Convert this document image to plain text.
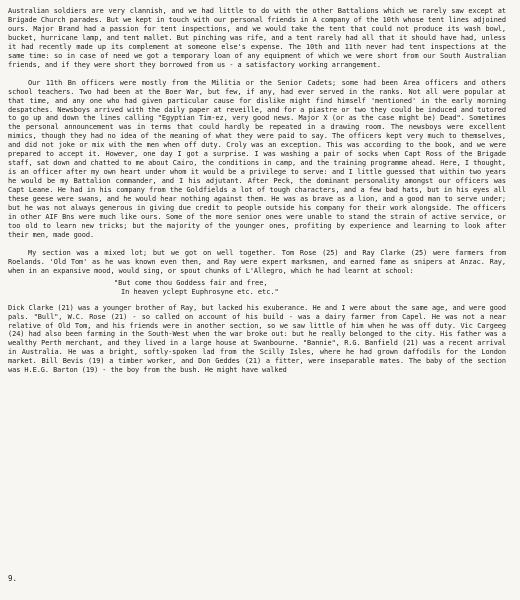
Australian soldiers are very clannish, and we had little to do with the other Battalions which we rarely saw except at Brigade Church parades. But we kept in touch with our personal friends in A company of the 10th whose tent lines adjoined ours. Major Brand had a passion for tent inspections, and we would take the tent that could not produce its wash bowl, bucket, hurricane lamp, and tent mallet. But pinching was rife, and a tent rarely had all that it should have had, unless it had recently made up its complement at someone else's expense. The 10th and 11th never had tent inspections at the same time: so in case of need we got a temporary loan of any equipment of which we were short from our South Australian friends, and if they were short they borrowed from us - a satisfactory working arrangement.

Our 11th Bn officers were mostly from the Militia or the Senior Cadets; some had been Area officers and others school teachers. Two had been at the Boer War, but few, if any, had ever served in the ranks. Not all were popular at that time, and any one who had given particular cause for dislike might find himself 'mentioned' in the early morning despatches. Newsboys arrived with the daily paper at reveille, and for a piastre or two they could be induced and tutored to go up and down the lines calling "Egyptian Tim-ez, very good news. Major X (or as the case might be) Dead". Sometimes the personal announcement was in terms that could hardly be repeated in a drawing room. The newsboys were excellent mimics, though they had no idea of the meaning of what they were paid to say. The officers kept very much to themselves, and did not joke or mix with the men when off duty. Croly was an exception. This was according to the book, and we were prepared to accept it. However, one day I got a surprise. I was washing a pair of socks when Capt Ross of the Brigade staff, sat down and chatted to me about Cairo, the conditions in camp, and the training programme ahead. Here, I thought, is an officer after my own heart under whom it would be a privilege to serve: and I little guessed that within two years he would be my Battalion commander, and I his adjutant. After Peck, the dominant personality amongst our officers was Capt Leane. He had in his company from the Goldfields a lot of tough characters, and a few bad hats, but in his eyes all these geese were swans, and he would hear nothing against them. He was as brave as a lion, and a good man to serve under; but he was not always generous in giving due credit to people outside his company for their work alongside. The officers in other AIF Bns were much like ours. Some of the more senior ones were unable to stand the strain of active service, or too old to learn new tricks; but the majority of the younger ones, profiting by experience and learning to look after their men, made good.

My section was a mixed lot; but we got on well together. Tom Rose (25) and Ray Clarke (25) were farmers from Roelands. 'Old Tom' as he was known even then, and Ray were expert marksmen, and earned fame as snipers at Anzac. Ray, when in an expansive mood, would sing, or spout chunks of L'Allegro, which he had learnt at school:

"But come thou Goddess fair and free,
In heaven yclept Euphrosyne etc. etc."

Dick Clarke (21) was a younger brother of Ray, but lacked his exuberance. He and I were about the same age, and were good pals. "Bull", W.C. Rose (21) - so called on account of his build - was a dairy farmer from Capel. He was not a near relative of Old Tom, and his friends were in another section, so we saw little of him when he was off duty. Vic Cargeeg (24) had also been farming in the South-West when the war broke out: but he really belonged to the city. His father was a wealthy Perth merchant, and they lived in a large house at Swanbourne. "Bannie", R.G. Banfield (21) was a recent arrival in Australia. He was a bright, softly-spoken lad from the Scilly Isles, where he had grown daffodils for the London market. Bill Bevis (19) a timber worker, and Don Geddes (21) a fitter, were inseparable mates. The baby of the section was H.E.G. Barton (19) - the boy from the bush. He might have walked

9.
